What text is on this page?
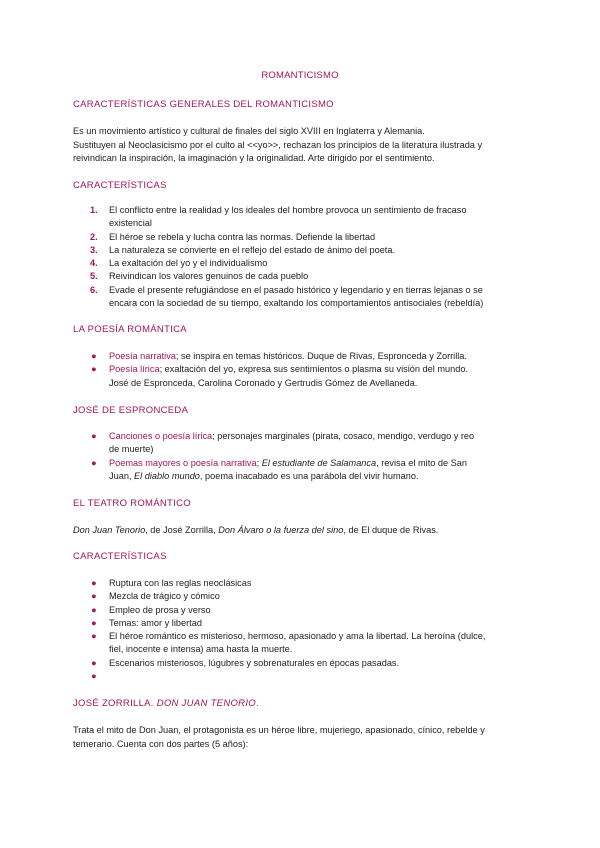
ROMANTICISMO
CARACTERÍSTICAS GENERALES DEL ROMANTICISMO
Es un movimiento artístico y cultural de finales del siglo XVIII en Inglaterra y Alemania.
Sustituyen al Neoclasicismo por el culto al <<yo>>, rechazan los principios de la literatura ilustrada y
reivindican la inspiración, la imaginación y la originalidad. Arte dirigido por el sentimiento.
CARACTERÍSTICAS
1. El conflicto entre la realidad y los ideales del hombre provoca un sentimiento de fracaso
existencial
2. El héroe se rebela y lucha contra las normas. Defiende la libertad
3. La naturaleza se convierte en el reflejo del estado de ánimo del poeta.
4. La exaltación del yo y el individualismo
5. Reivindican los valores genuinos de cada pueblo
6. Evade el presente refugiándose en el pasado histórico y legendario y en tierras lejanas o se
encara con la sociedad de su tiempo, exaltando los comportamientos antisociales (rebeldía)
LA POESÍA ROMÁNTICA
● Poesía narrativa; se inspira en temas históricos. Duque de Rivas, Espronceda y Zorrilla.
● Poesía lírica; exaltación del yo, expresa sus sentimientos o plasma su visión del mundo.
José de Espronceda, Carolina Coronado y Gertrudis Gómez de Avellaneda.
JOSÉ DE ESPRONCEDA
● Canciones o poesía lírica; personajes marginales (pirata, cosaco, mendigo, verdugo y reo
de muerte)
● Poemas mayores o poesía narrativa; El estudiante de Salamanca, revisa el mito de San
Juan, El diablo mundo, poema inacabado es una parábola del vivir humano.
EL TEATRO ROMÁNTICO
Don Juan Tenorio, de José Zorrilla, Don Álvaro o la fuerza del sino, de El duque de Rivas.
CARACTERÍSTICAS
● Ruptura con las reglas neoclásicas
● Mezcla de trágico y cómico
● Empleo de prosa y verso
● Temas: amor y libertad
● El héroe romántico es misterioso, hermoso, apasionado y ama la libertad. La heroína (dulce,
fiel, inocente e intensa) ama hasta la muerte.
● Escenarios misteriosos, lúgubres y sobrenaturales en épocas pasadas.
●

JOSÉ ZORRILLA. DON JUAN TENORIO.
Trata el mito de Don Juan, el protagonista es un héroe libre, mujeriego, apasionado, cínico, rebelde y
temerario. Cuenta con dos partes (5 años):
